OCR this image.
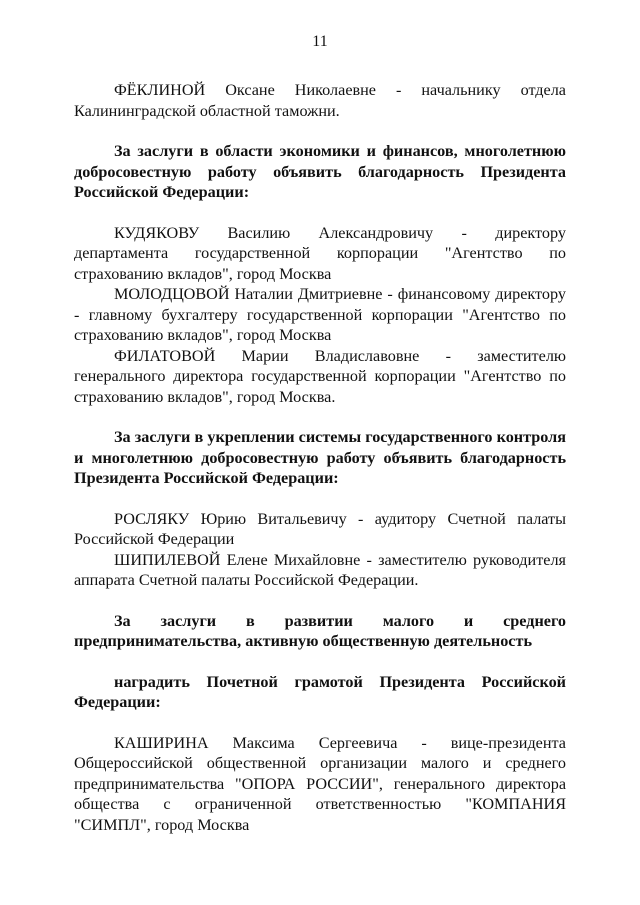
11

ФЁКЛИНОЙ Оксане Николаевне - начальнику отдела Калининградской областной таможни.

За заслуги в области экономики и финансов, многолетнюю добросовестную работу объявить благодарность Президента Российской Федерации:

КУДЯКОВУ Василию Александровичу - директору департамента государственной корпорации "Агентство по страхованию вкладов", город Москва

МОЛОДЦОВОЙ Наталии Дмитриевне - финансовому директору - главному бухгалтеру государственной корпорации "Агентство по страхованию вкладов", город Москва

ФИЛАТОВОЙ Марии Владиславовне - заместителю генерального директора государственной корпорации "Агентство по страхованию вкладов", город Москва.

За заслуги в укреплении системы государственного контроля и многолетнюю добросовестную работу объявить благодарность Президента Российской Федерации:

РОСЛЯКУ Юрию Витальевичу - аудитору Счетной палаты Российской Федерации

ШИПИЛЕВОЙ Елене Михайловне - заместителю руководителя аппарата Счетной палаты Российской Федерации.

За заслуги в развитии малого и среднего предпринимательства, активную общественную деятельность

наградить Почетной грамотой Президента Российской Федерации:

КАШИРИНА Максима Сергеевича - вице-президента Общероссийской общественной организации малого и среднего предпринимательства "ОПОРА РОССИИ", генерального директора общества с ограниченной ответственностью "КОМПАНИЯ "СИМПЛ", город Москва
